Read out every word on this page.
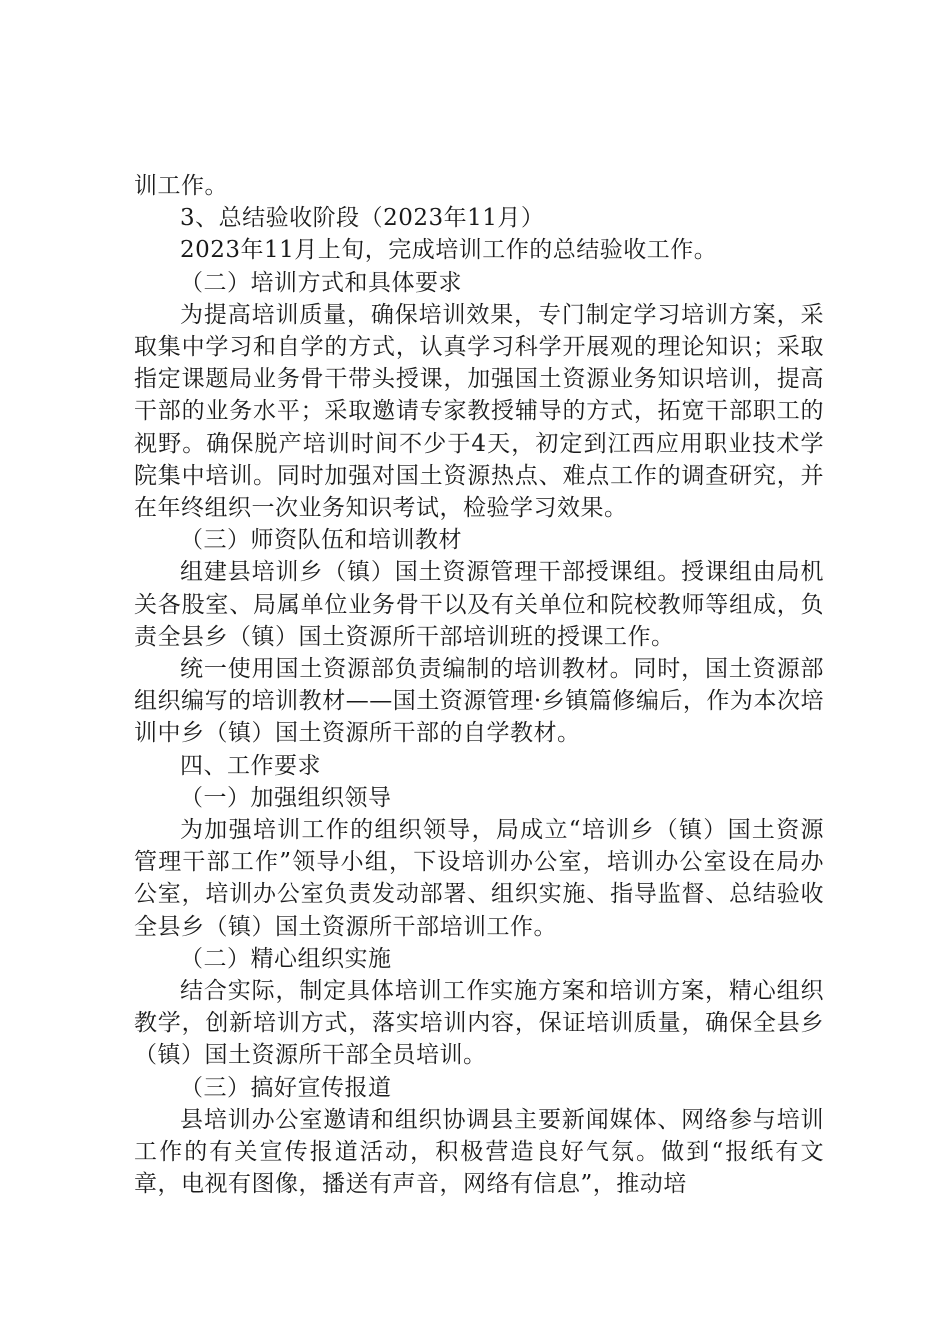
训工作。

3、总结验收阶段（2023年11月）

2023年11月上旬，完成培训工作的总结验收工作。

（二）培训方式和具体要求

为提高培训质量，确保培训效果，专门制定学习培训方案，采取集中学习和自学的方式，认真学习科学开展观的理论知识；采取指定课题局业务骨干带头授课，加强国土资源业务知识培训，提高干部的业务水平；采取邀请专家教授辅导的方式，拓宽干部职工的视野。确保脱产培训时间不少于4天，初定到江西应用职业技术学院集中培训。同时加强对国土资源热点、难点工作的调查研究，并在年终组织一次业务知识考试，检验学习效果。

（三）师资队伍和培训教材

组建县培训乡（镇）国土资源管理干部授课组。授课组由局机关各股室、局属单位业务骨干以及有关单位和院校教师等组成，负责全县乡（镇）国土资源所干部培训班的授课工作。

统一使用国土资源部负责编制的培训教材。同时，国土资源部组织编写的培训教材——国土资源管理·乡镇篇修编后，作为本次培训中乡（镇）国土资源所干部的自学教材。

四、工作要求

（一）加强组织领导

为加强培训工作的组织领导，局成立“培训乡（镇）国土资源管理干部工作”领导小组，下设培训办公室，培训办公室设在局办公室，培训办公室负责发动部署、组织实施、指导监督、总结验收全县乡（镇）国土资源所干部培训工作。

（二）精心组织实施

结合实际，制定具体培训工作实施方案和培训方案，精心组织教学，创新培训方式，落实培训内容，保证培训质量，确保全县乡（镇）国土资源所干部全员培训。

（三）搞好宣传报道

县培训办公室邀请和组织协调县主要新闻媒体、网络参与培训工作的有关宣传报道活动，积极营造良好气氛。做到“报纸有文章，电视有图像，播送有声音，网络有信息”，推动培
